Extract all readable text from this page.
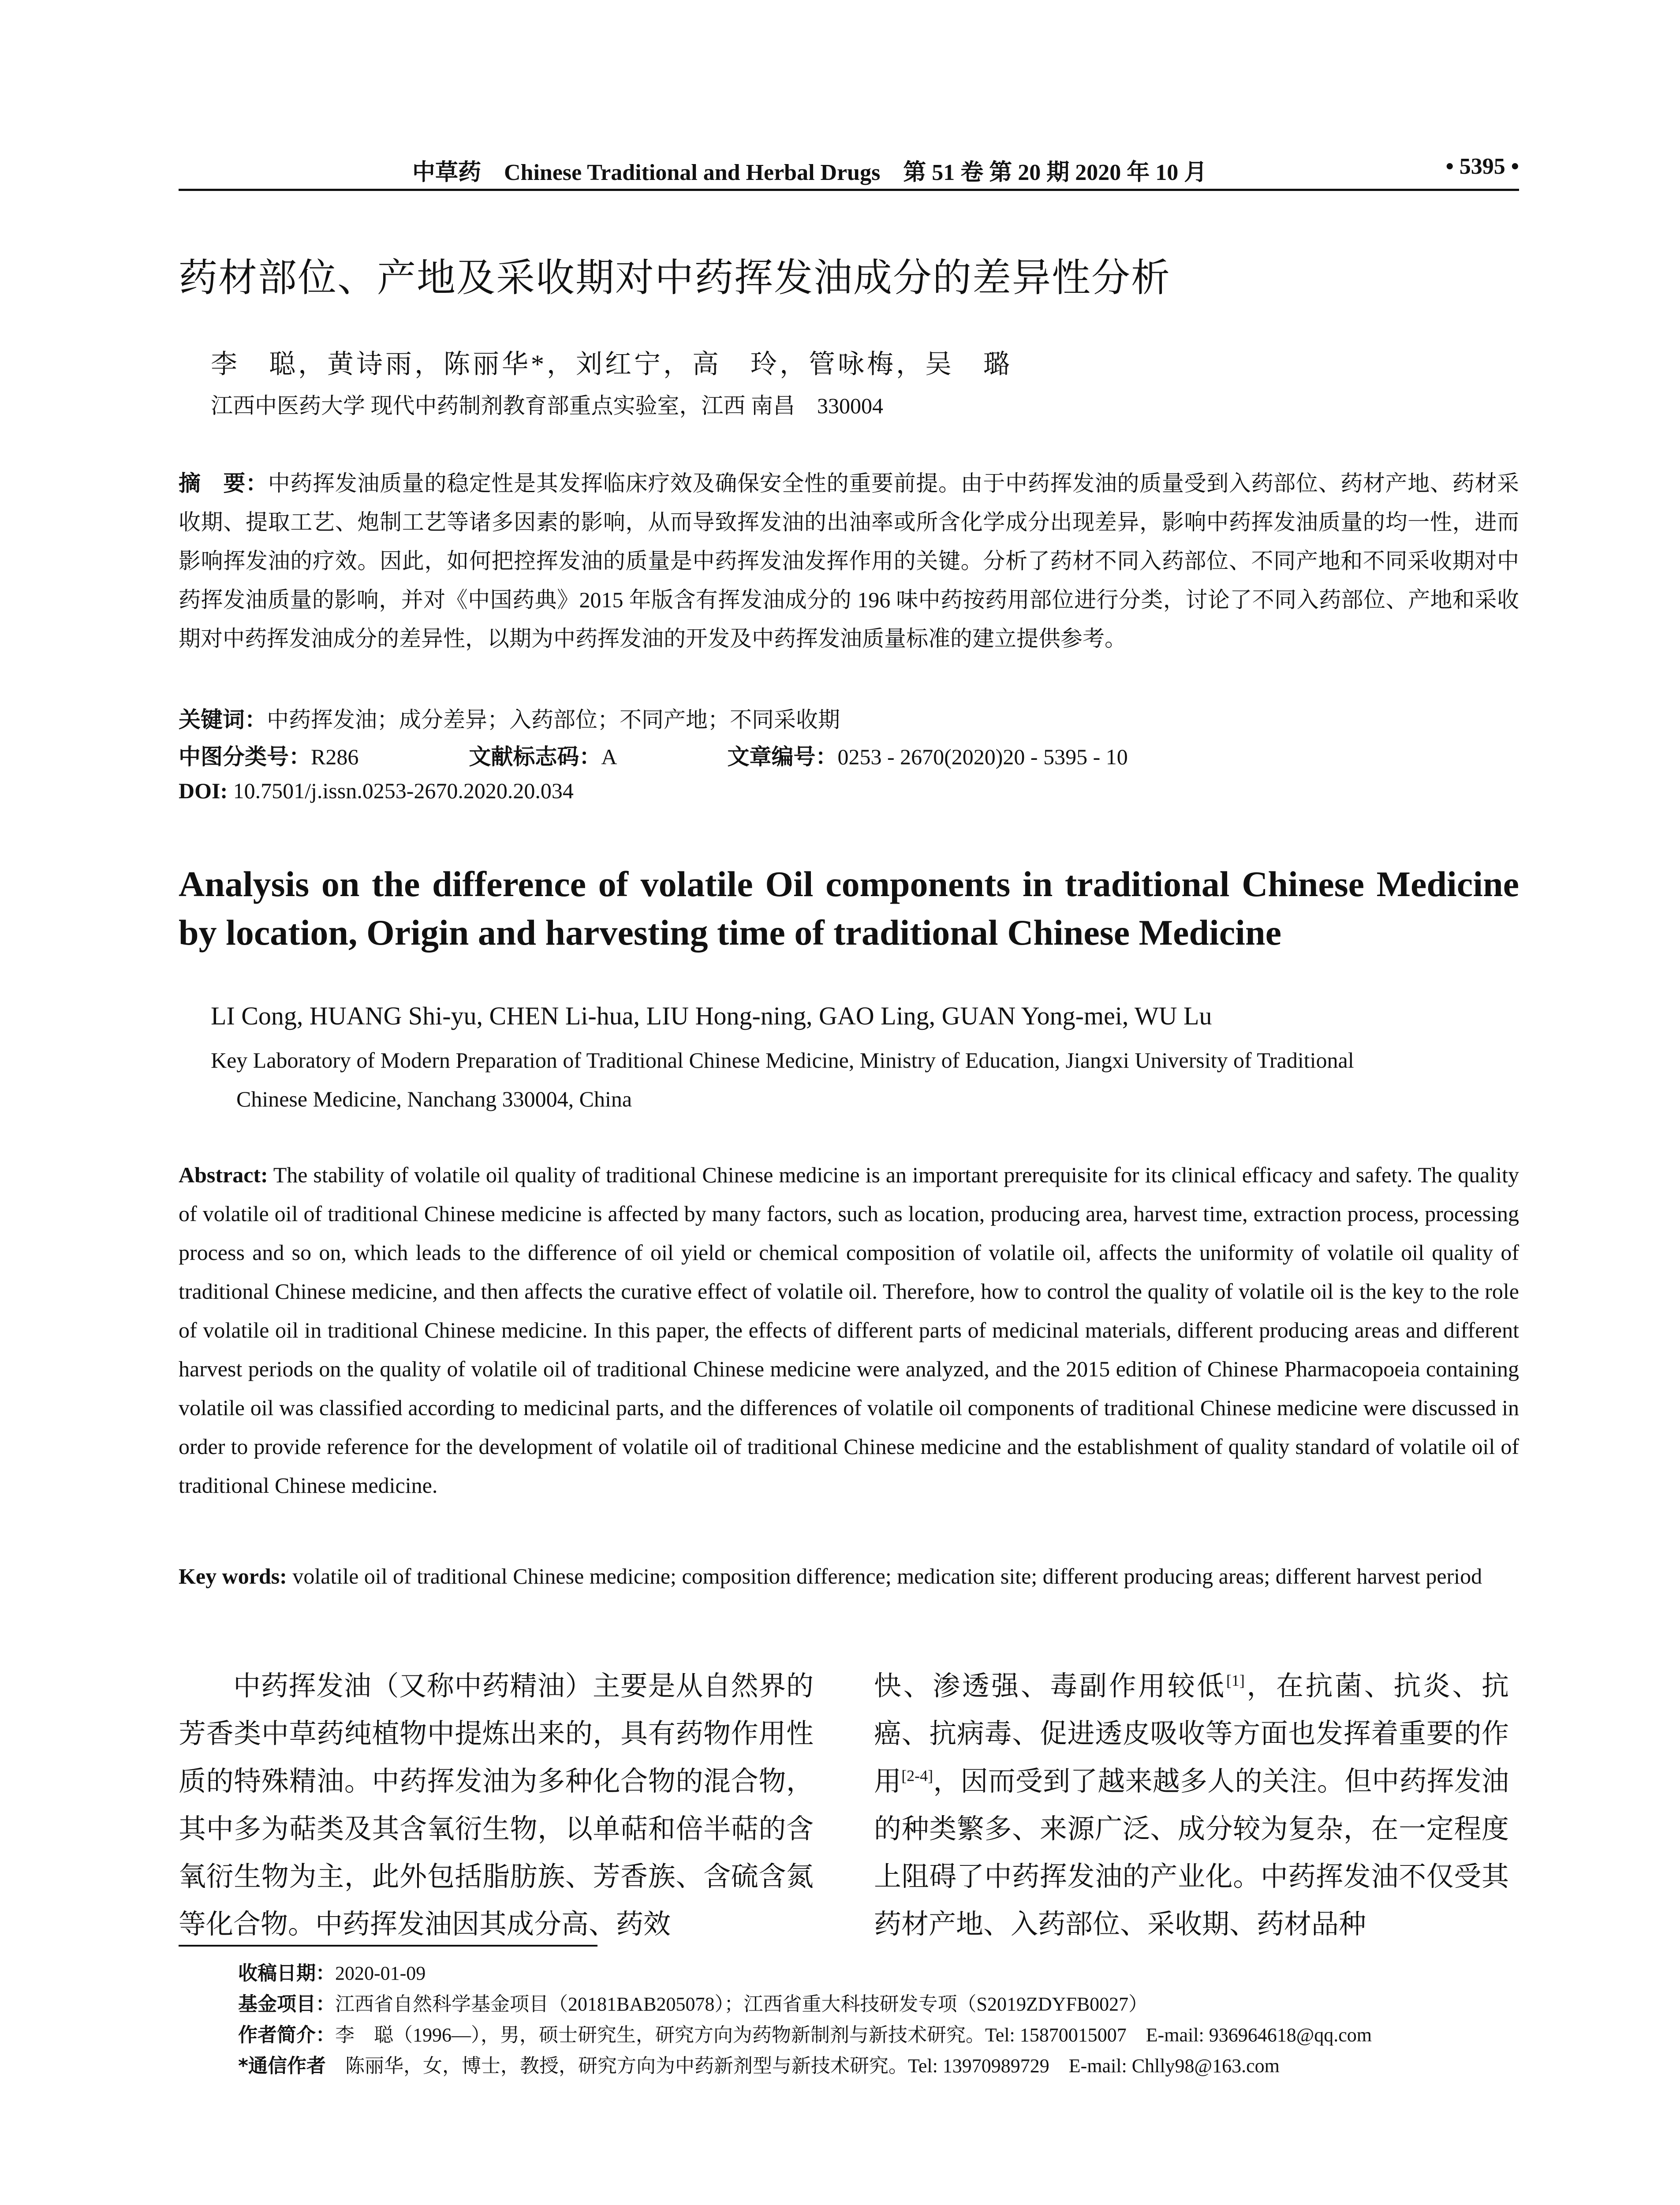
中草药　Chinese Traditional and Herbal Drugs　第 51 卷 第 20 期 2020 年 10 月	• 5395 •
药材部位、产地及采收期对中药挥发油成分的差异性分析
李　聪，黄诗雨，陈丽华*，刘红宁，高　玲，管咏梅，吴　璐
江西中医药大学 现代中药制剂教育部重点实验室，江西 南昌　330004
摘　要：中药挥发油质量的稳定性是其发挥临床疗效及确保安全性的重要前提。由于中药挥发油的质量受到入药部位、药材产地、药材采收期、提取工艺、炮制工艺等诸多因素的影响，从而导致挥发油的出油率或所含化学成分出现差异，影响中药挥发油质量的均一性，进而影响挥发油的疗效。因此，如何把控挥发油的质量是中药挥发油发挥作用的关键。分析了药材不同入药部位、不同产地和不同采收期对中药挥发油质量的影响，并对《中国药典》2015 年版含有挥发油成分的 196 味中药按药用部位进行分类，讨论了不同入药部位、产地和采收期对中药挥发油成分的差异性，以期为中药挥发油的开发及中药挥发油质量标准的建立提供参考。
关键词：中药挥发油；成分差异；入药部位；不同产地；不同采收期
中图分类号：R286	文献标志码：A	文章编号：0253 - 2670(2020)20 - 5395 - 10
DOI: 10.7501/j.issn.0253-2670.2020.20.034
Analysis on the difference of volatile Oil components in traditional Chinese Medicine by location, Origin and harvesting time of traditional Chinese Medicine
LI Cong, HUANG Shi-yu, CHEN Li-hua, LIU Hong-ning, GAO Ling, GUAN Yong-mei, WU Lu
Key Laboratory of Modern Preparation of Traditional Chinese Medicine, Ministry of Education, Jiangxi University of Traditional
Chinese Medicine, Nanchang 330004, China
Abstract: The stability of volatile oil quality of traditional Chinese medicine is an important prerequisite for its clinical efficacy and safety. The quality of volatile oil of traditional Chinese medicine is affected by many factors, such as location, producing area, harvest time, extraction process, processing process and so on, which leads to the difference of oil yield or chemical composition of volatile oil, affects the uniformity of volatile oil quality of traditional Chinese medicine, and then affects the curative effect of volatile oil. Therefore, how to control the quality of volatile oil is the key to the role of volatile oil in traditional Chinese medicine. In this paper, the effects of different parts of medicinal materials, different producing areas and different harvest periods on the quality of volatile oil of traditional Chinese medicine were analyzed, and the 2015 edition of Chinese Pharmacopoeia containing volatile oil was classified according to medicinal parts, and the differences of volatile oil components of traditional Chinese medicine were discussed in order to provide reference for the development of volatile oil of traditional Chinese medicine and the establishment of quality standard of volatile oil of traditional Chinese medicine.
Key words: volatile oil of traditional Chinese medicine; composition difference; medication site; different producing areas; different harvest period
中药挥发油（又称中药精油）主要是从自然界的芳香类中草药纯植物中提炼出来的，具有药物作用性质的特殊精油。中药挥发油为多种化合物的混合物，其中多为萜类及其含氧衍生物，以单萜和倍半萜的含氧衍生物为主，此外包括脂肪族、芳香族、含硫含氮等化合物。中药挥发油因其成分高、药效
快、渗透强、毒副作用较低[1]，在抗菌、抗炎、抗癌、抗病毒、促进透皮吸收等方面也发挥着重要的作用[2-4]，因而受到了越来越多人的关注。但中药挥发油的种类繁多、来源广泛、成分较为复杂，在一定程度上阻碍了中药挥发油的产业化。中药挥发油不仅受其药材产地、入药部位、采收期、药材品种
收稿日期：2020-01-09
基金项目：江西省自然科学基金项目（20181BAB205078）；江西省重大科技研发专项（S2019ZDYFB0027）
作者简介：李　聪（1996—），男，硕士研究生，研究方向为药物新制剂与新技术研究。Tel: 15870015007　E-mail: 936964618@qq.com
*通信作者　 陈丽华，女，博士，教授，研究方向为中药新剂型与新技术研究。Tel: 13970989729　E-mail: Chlly98@163.com
